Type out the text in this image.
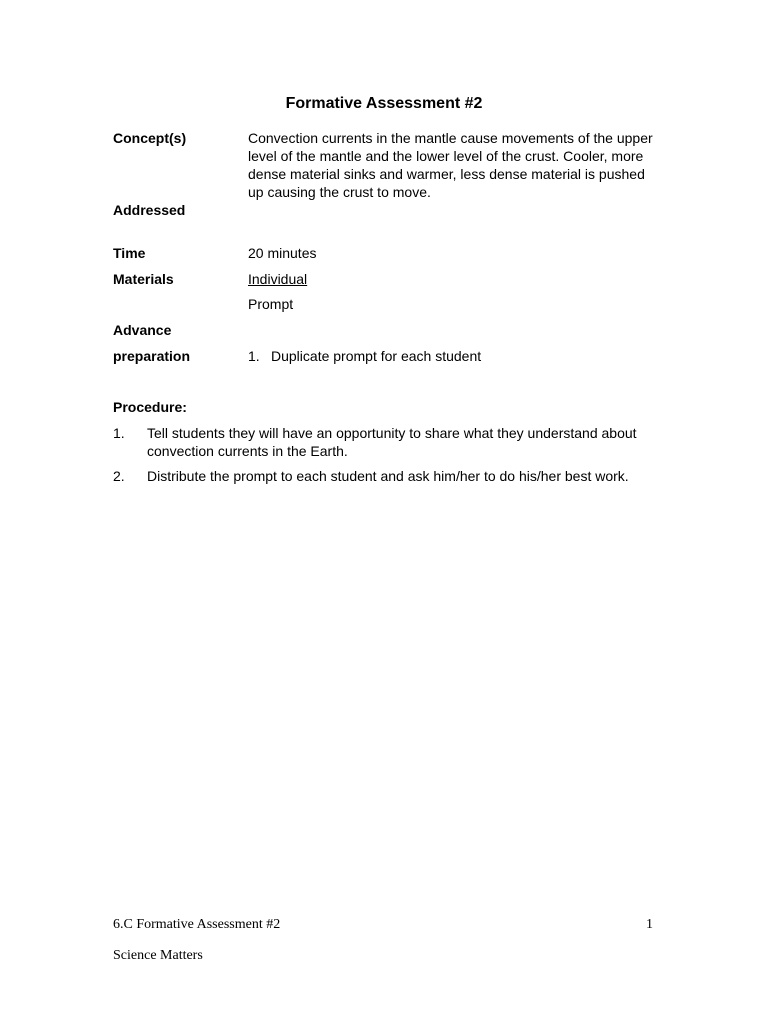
Formative Assessment #2
Concept(s)	Convection currents in the mantle cause movements of the upper level of the mantle and the lower level of the crust. Cooler, more dense material sinks and warmer, less dense material is pushed up causing the crust to move.
Addressed
Time	20 minutes
Materials	Individual
Prompt
Advance
preparation	1. Duplicate prompt for each student
Procedure:
1. Tell students they will have an opportunity to share what they understand about convection currents in the Earth.
2. Distribute the prompt to each student and ask him/her to do his/her best work.
6.C Formative Assessment #2	1
Science Matters
